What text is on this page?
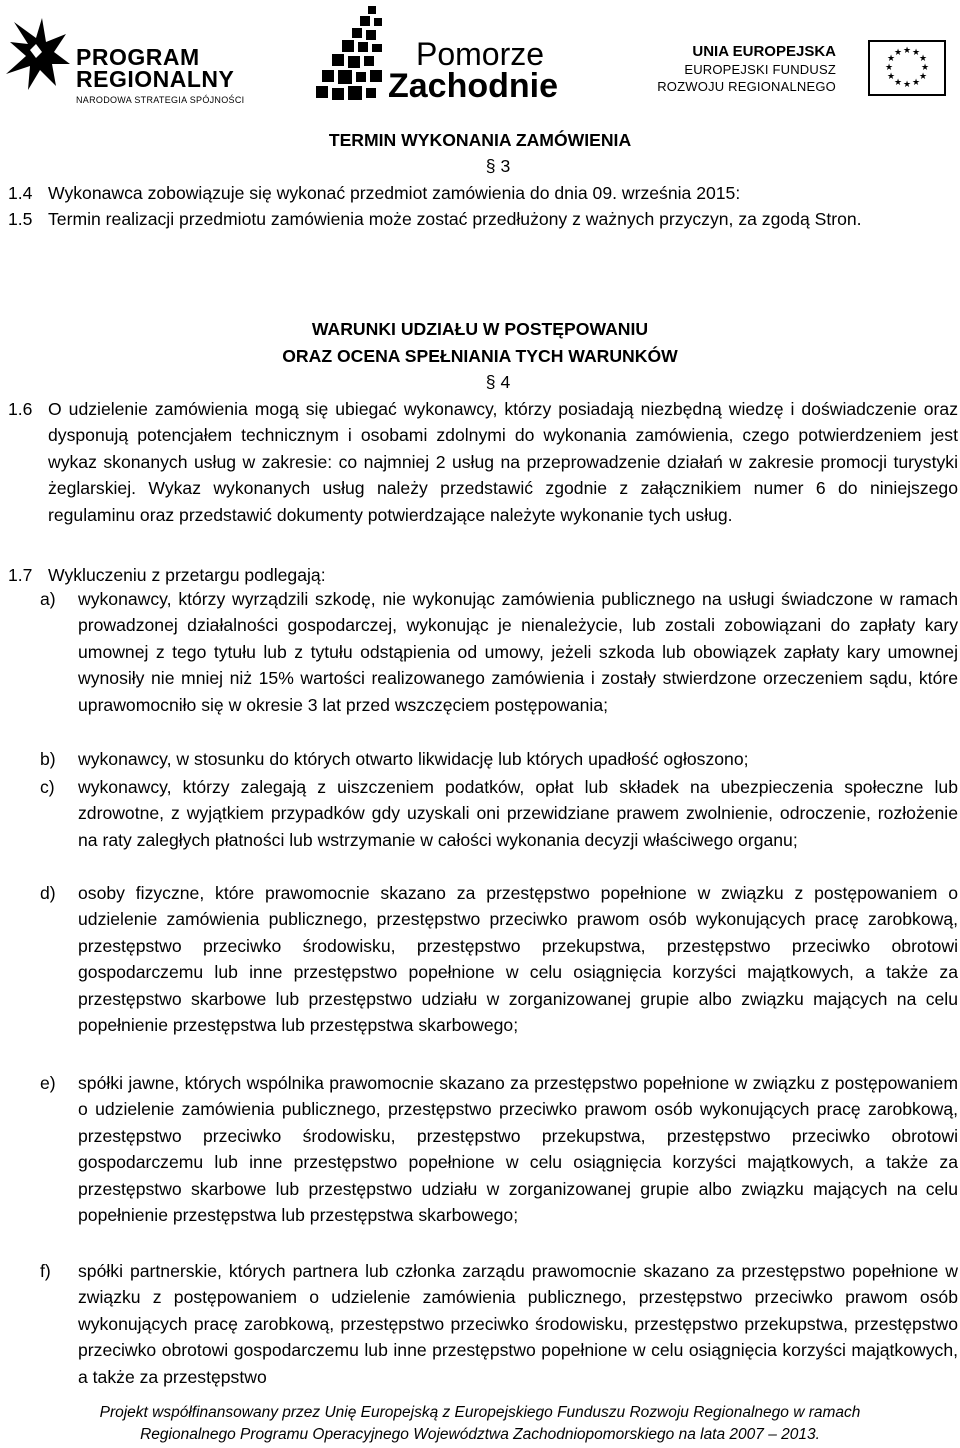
PROGRAM
REGIONALNY
NARODOWA STRATEGIA SPÓJNOŚCI
Pomorze
Zachodnie
UNIA EUROPEJSKA
EUROPEJSKI FUNDUSZ
ROZWOJU REGIONALNEGO
★ ★
★
★
★
★
★
★
★
★
★
★
TERMIN WYKONANIA ZAMÓWIENIA
§ 3
1.4 Wykonawca zobowiązuje się wykonać przedmiot zamówienia do dnia 09. września 2015:
1.5 Termin realizacji przedmiotu zamówienia może zostać przedłużony z ważnych przyczyn, za zgodą Stron.
WARUNKI UDZIAŁU W POSTĘPOWANIU
ORAZ OCENA SPEŁNIANIA TYCH WARUNKÓW
§ 4
1.6 O udzielenie zamówienia mogą się ubiegać wykonawcy, którzy posiadają niezbędną wiedzę i doświadczenie oraz dysponują potencjałem technicznym i osobami zdolnymi do wykonania zamówienia, czego potwierdzeniem jest wykaz skonanych usług w zakresie: co najmniej 2 usług na przeprowadzenie działań w zakresie promocji turystyki żeglarskiej. Wykaz wykonanych usług należy przedstawić zgodnie z załącznikiem numer 6 do niniejszego regulaminu oraz przedstawić dokumenty potwierdzające należyte wykonanie tych usług.
1.7 Wykluczeniu z przetargu podlegają:
a) wykonawcy, którzy wyrządzili szkodę, nie wykonując zamówienia publicznego na usługi świadczone w ramach prowadzonej działalności gospodarczej, wykonując je nienależycie, lub zostali zobowiązani do zapłaty kary umownej z tego tytułu lub z tytułu odstąpienia od umowy, jeżeli szkoda lub obowiązek zapłaty kary umownej wynosiły nie mniej niż 15% wartości realizowanego zamówienia i zostały stwierdzone orzeczeniem sądu, które uprawomocniło się w okresie 3 lat przed wszczęciem postępowania;
b) wykonawcy, w stosunku do których otwarto likwidację lub których upadłość ogłoszono;
c) wykonawcy, którzy zalegają z uiszczeniem podatków, opłat lub składek na ubezpieczenia społeczne lub zdrowotne, z wyjątkiem przypadków gdy uzyskali oni przewidziane prawem zwolnienie, odroczenie, rozłożenie na raty zaległych płatności lub wstrzymanie w całości wykonania decyzji właściwego organu;
d) osoby fizyczne, które prawomocnie skazano za przestępstwo popełnione w związku z postępowaniem o udzielenie zamówienia publicznego, przestępstwo przeciwko prawom osób wykonujących pracę zarobkową, przestępstwo przeciwko środowisku, przestępstwo przekupstwa, przestępstwo przeciwko obrotowi gospodarczemu lub inne przestępstwo popełnione w celu osiągnięcia korzyści majątkowych, a także za przestępstwo skarbowe lub przestępstwo udziału w zorganizowanej grupie albo związku mających na celu popełnienie przestępstwa lub przestępstwa skarbowego;
e) spółki jawne, których wspólnika prawomocnie skazano za przestępstwo popełnione w związku z postępowaniem o udzielenie zamówienia publicznego, przestępstwo przeciwko prawom osób wykonujących pracę zarobkową, przestępstwo przeciwko środowisku, przestępstwo przekupstwa, przestępstwo przeciwko obrotowi gospodarczemu lub inne przestępstwo popełnione w celu osiągnięcia korzyści majątkowych, a także za przestępstwo skarbowe lub przestępstwo udziału w zorganizowanej grupie albo związku mających na celu popełnienie przestępstwa lub przestępstwa skarbowego;
f) spółki partnerskie, których partnera lub członka zarządu prawomocnie skazano za przestępstwo popełnione w związku z postępowaniem o udzielenie zamówienia publicznego, przestępstwo przeciwko prawom osób wykonujących pracę zarobkową, przestępstwo przeciwko środowisku, przestępstwo przekupstwa, przestępstwo przeciwko obrotowi gospodarczemu lub inne przestępstwo popełnione w celu osiągnięcia korzyści majątkowych, a także za przestępstwo
Projekt współfinansowany przez Unię Europejską z Europejskiego Funduszu Rozwoju Regionalnego w ramach
Regionalnego Programu Operacyjnego Województwa Zachodniopomorskiego na lata 2007 – 2013.
